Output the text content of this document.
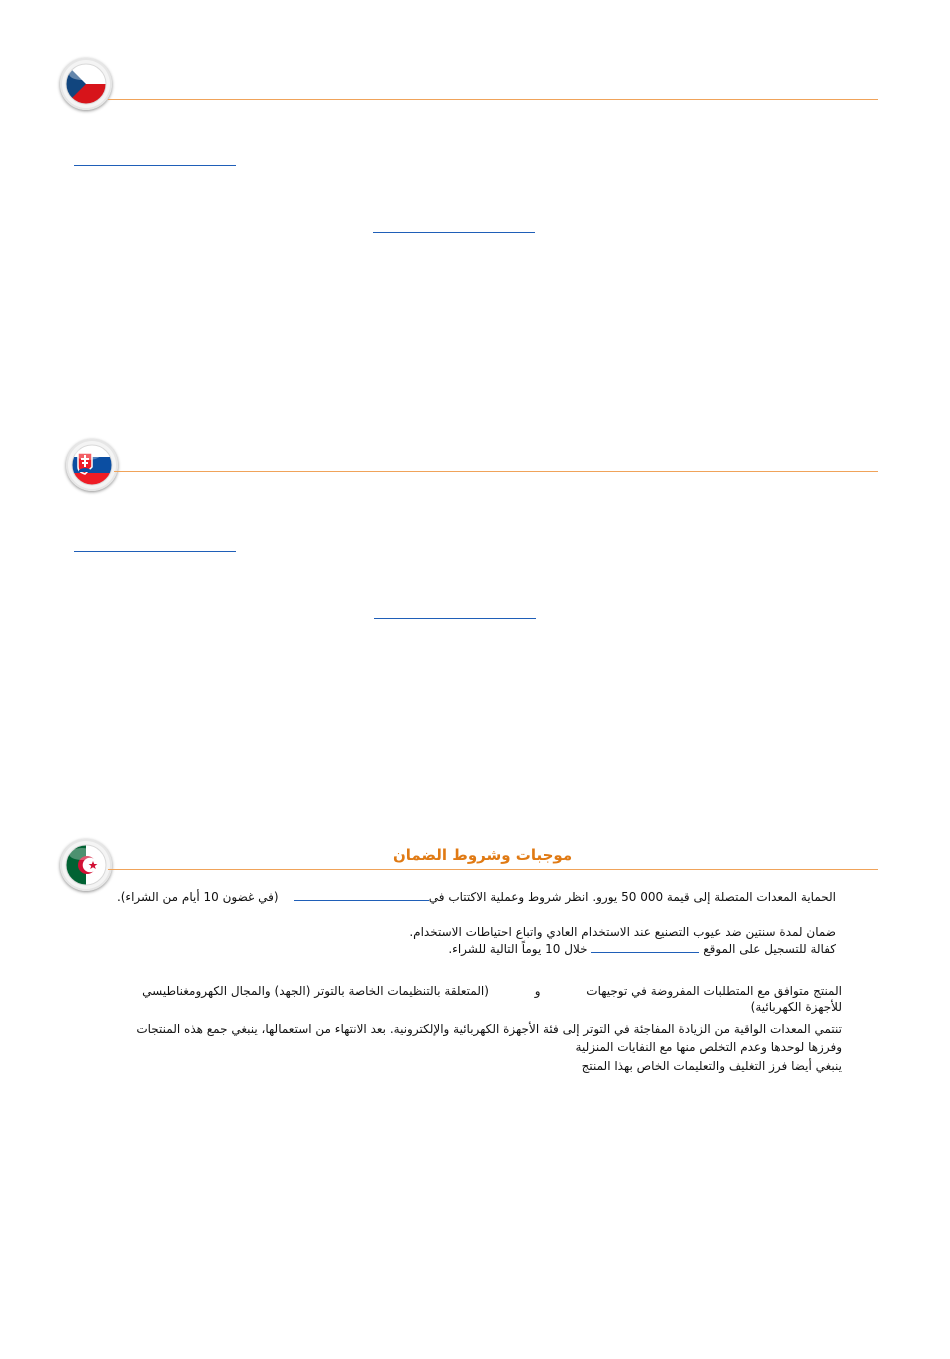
موجبات وشروط الضمان
الحماية المعدات المتصلة إلى قيمة 000 50 يورو. انظر شروط وعملية الاكتتاب في    (في غضون 10 أيام من الشراء).
ضمان لمدة سنتين ضد عيوب التصنيع عند الاستخدام العادي واتباع احتياطات الاستخدام.
كفالة للتسجيل على الموقع  خلال 10 يوماً التالية للشراء.
المنتج متوافق مع المتطلبات المفروضة في توجيهات            و            (المتعلقة بالتنظيمات الخاصة بالتوتر (الجهد) والمجال الكهرومغناطيسي
للأجهزة الكهربائية)
تنتمي المعدات الواقية من الزيادة المفاجئة في التوتر إلى فئة الأجهزة الكهربائية والإلكترونية. بعد الانتهاء من استعمالها، ينبغي جمع هذه المنتجات
وفرزها لوحدها وعدم التخلص منها مع النفايات المنزلية
ينبغي أيضا فرز التغليف والتعليمات الخاص بهذا المنتج
